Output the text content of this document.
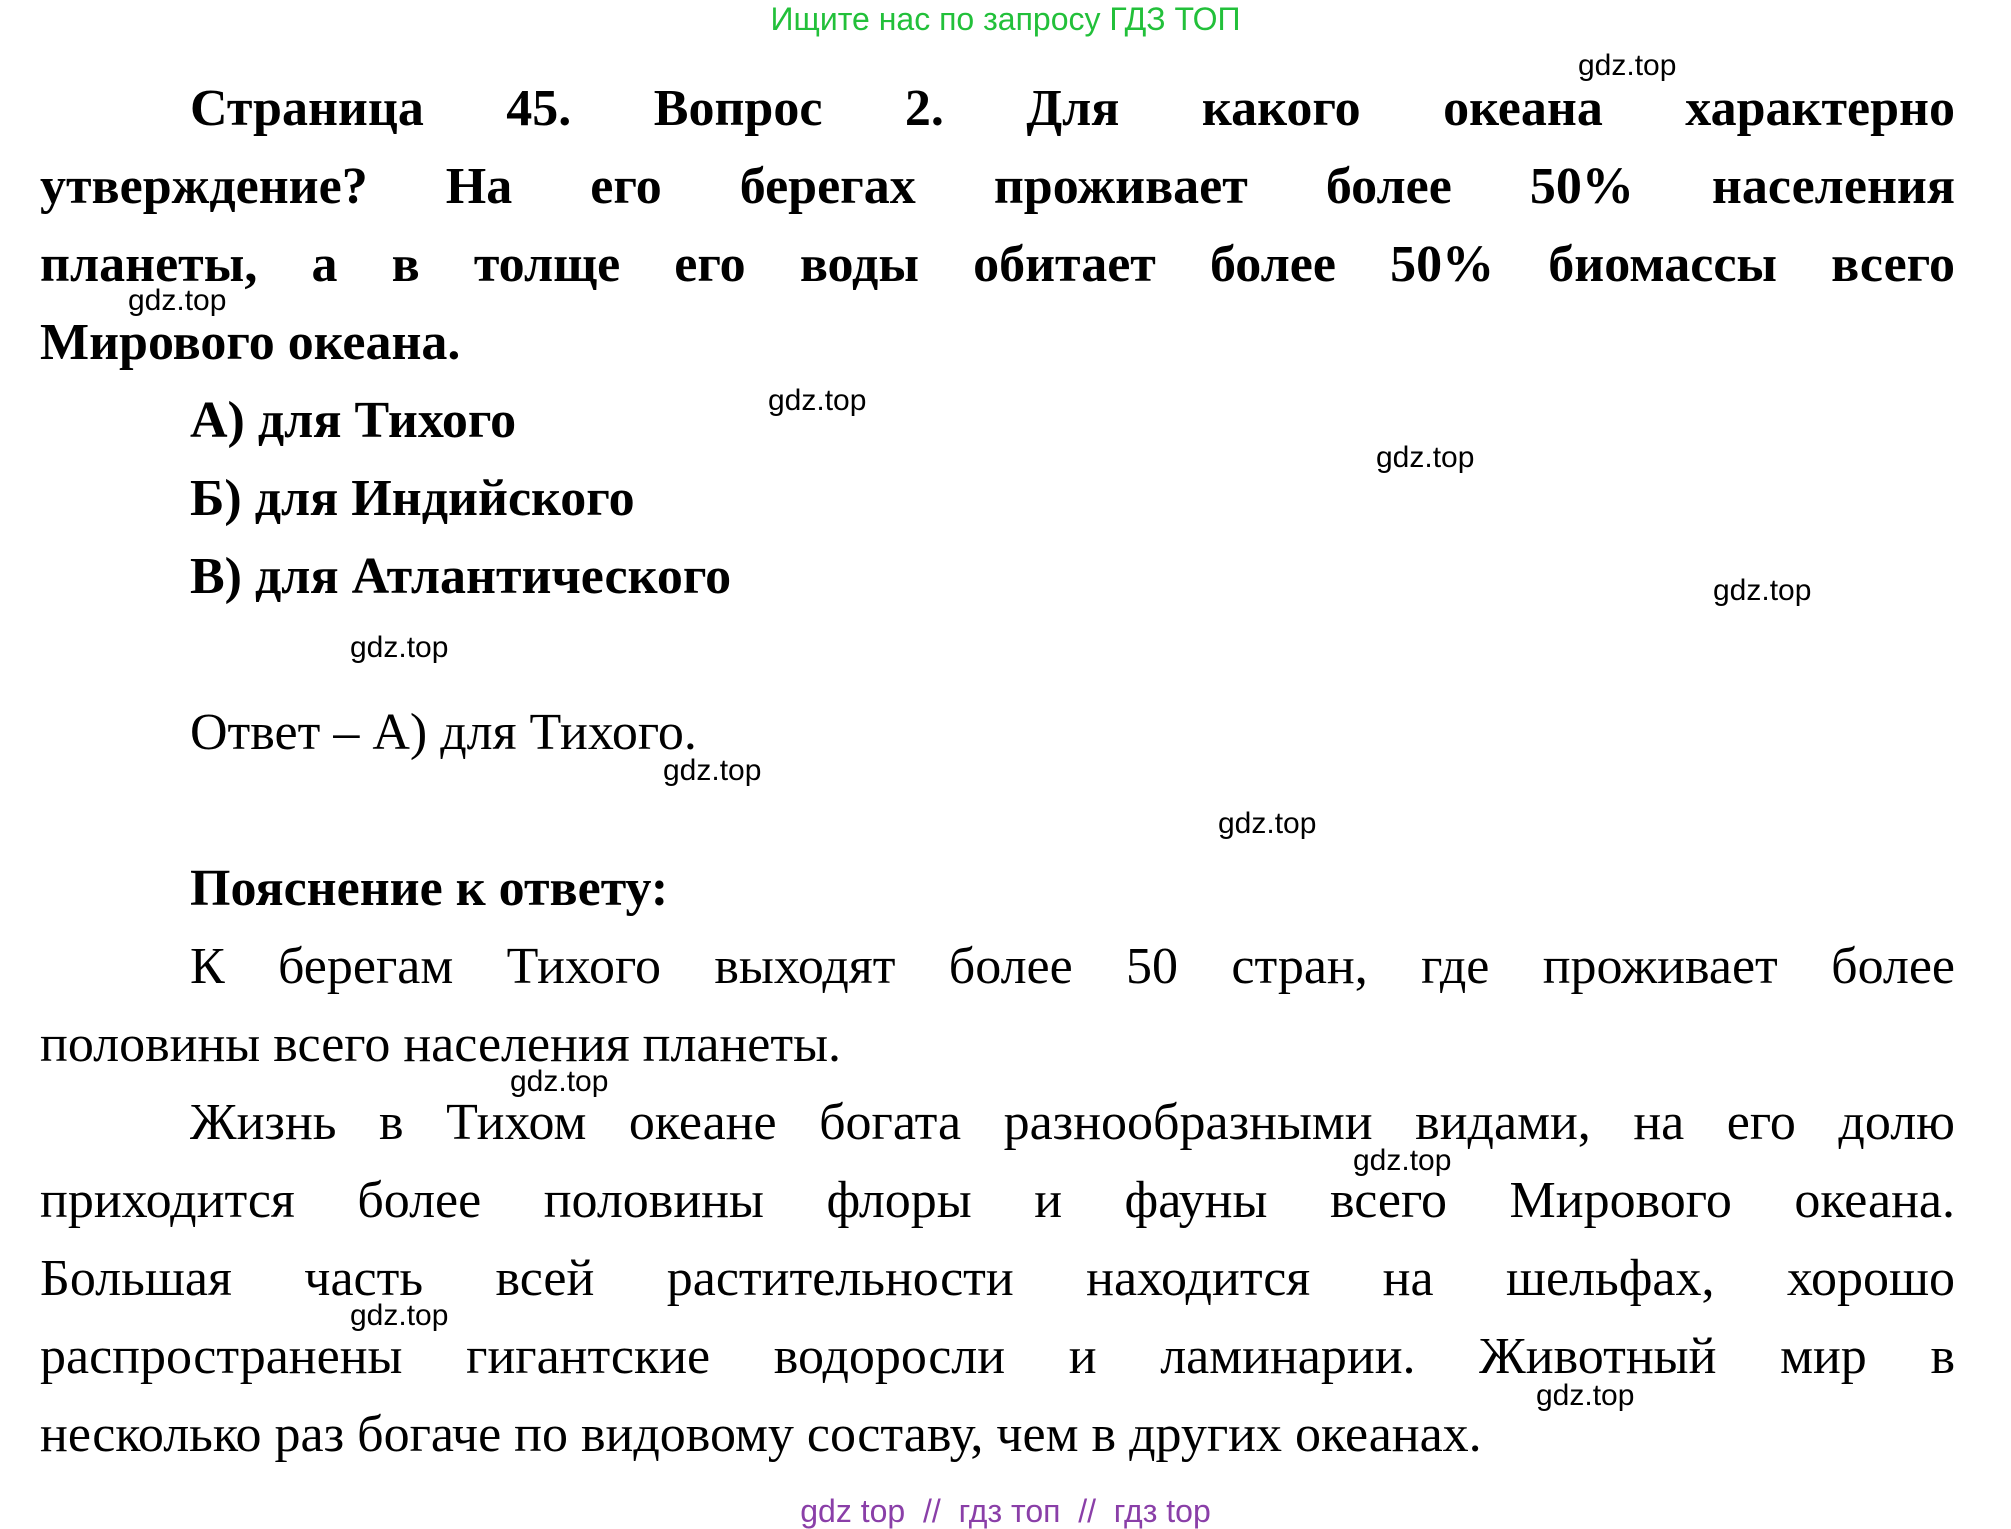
Ищите нас по запросу ГДЗ ТОП
Страница 45. Вопрос 2. Для какого океана характерно
утверждение? На его берегах проживает более 50% населения
планеты, а в толще его воды обитает более 50% биомассы всего
Мирового океана.
А) для Тихого
Б) для Индийского
В) для Атлантического
Ответ – А) для Тихого.
Пояснение к ответу:
К берегам Тихого выходят более 50 стран, где проживает более
половины всего населения планеты.
Жизнь в Тихом океане богата разнообразными видами, на его долю
приходится более половины флоры и фауны всего Мирового океана.
Большая часть всей растительности находится на шельфах, хорошо
распространены гигантские водоросли и ламинарии. Животный мир в
несколько раз богаче по видовому составу, чем в других океанах.
gdz.top
gdz.top
gdz.top
gdz.top
gdz.top
gdz.top
gdz.top
gdz.top
gdz.top
gdz.top
gdz.top
gdz.top
gdz top  //  гдз топ  //  гдз top
